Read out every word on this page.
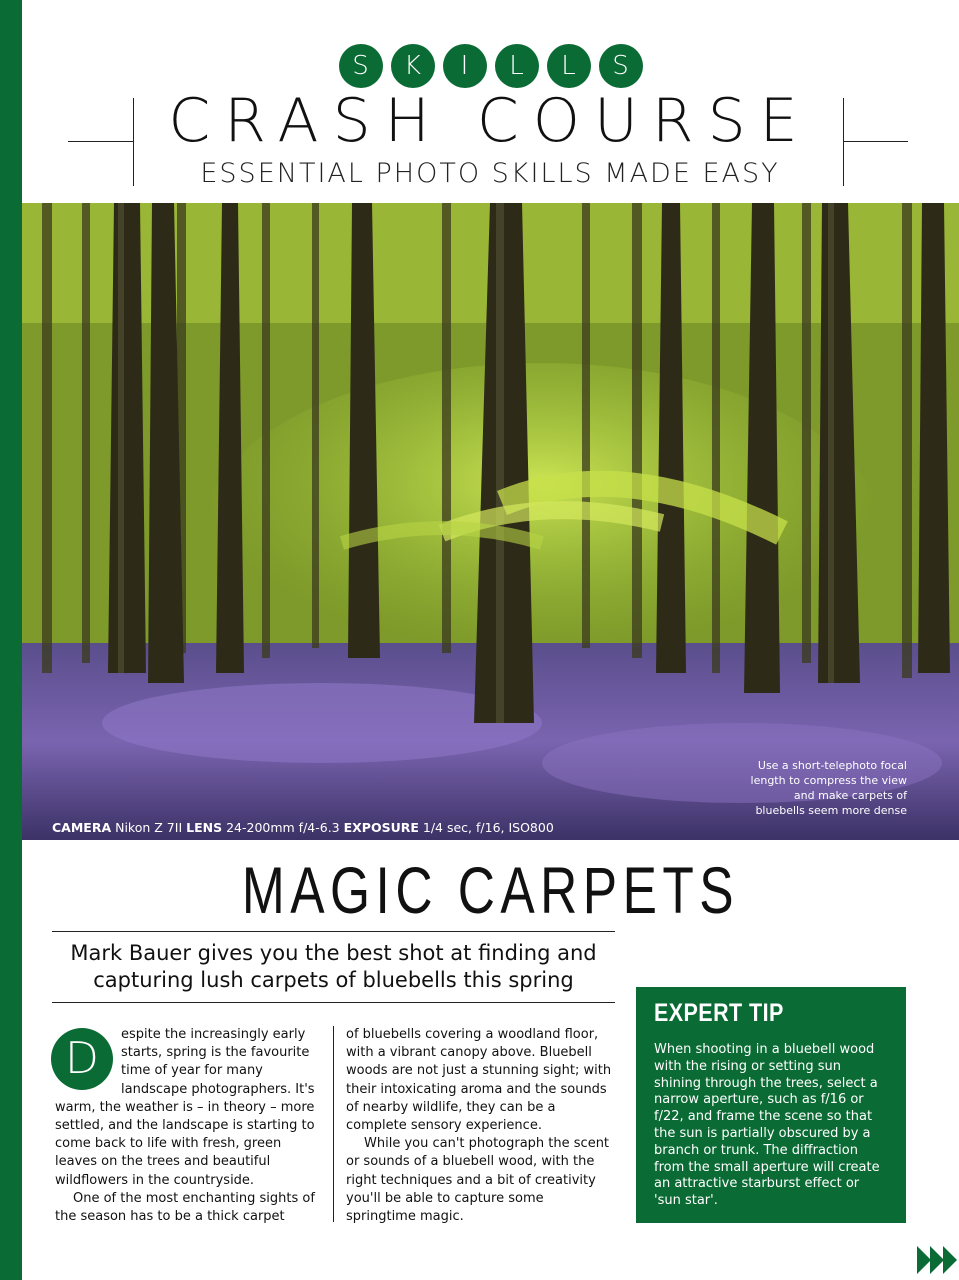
S	K	I	L	L	S
CRASH COURSE
ESSENTIAL PHOTO SKILLS MADE EASY
Use a short-telephoto focal length to compress the view and make carpets of bluebells seem more dense
CAMERA Nikon Z 7II LENS 24-200mm f/4-6.3 EXPOSURE 1/4 sec, f/16, ISO800
MAGIC CARPETS
Mark Bauer gives you the best shot at finding and capturing lush carpets of bluebells this spring
D	espite the increasingly early starts, spring is the favourite time of year for many landscape photographers. It's warm, the weather is – in theory – more settled, and the landscape is starting to come back to life with fresh, green leaves on the trees and beautiful wildflowers in the countryside.

One of the most enchanting sights of the season has to be a thick carpet

of bluebells covering a woodland floor, with a vibrant canopy above. Bluebell woods are not just a stunning sight; with their intoxicating aroma and the sounds of nearby wildlife, they can be a complete sensory experience.

While you can't photograph the scent or sounds of a bluebell wood, with the right techniques and a bit of creativity you'll be able to capture some springtime magic.

EXPERT TIP
When shooting in a bluebell wood with the rising or setting sun shining through the trees, select a narrow aperture, such as f/16 or f/22, and frame the scene so that the sun is partially obscured by a branch or trunk. The diffraction from the small aperture will create an attractive starburst effect or 'sun star'.
